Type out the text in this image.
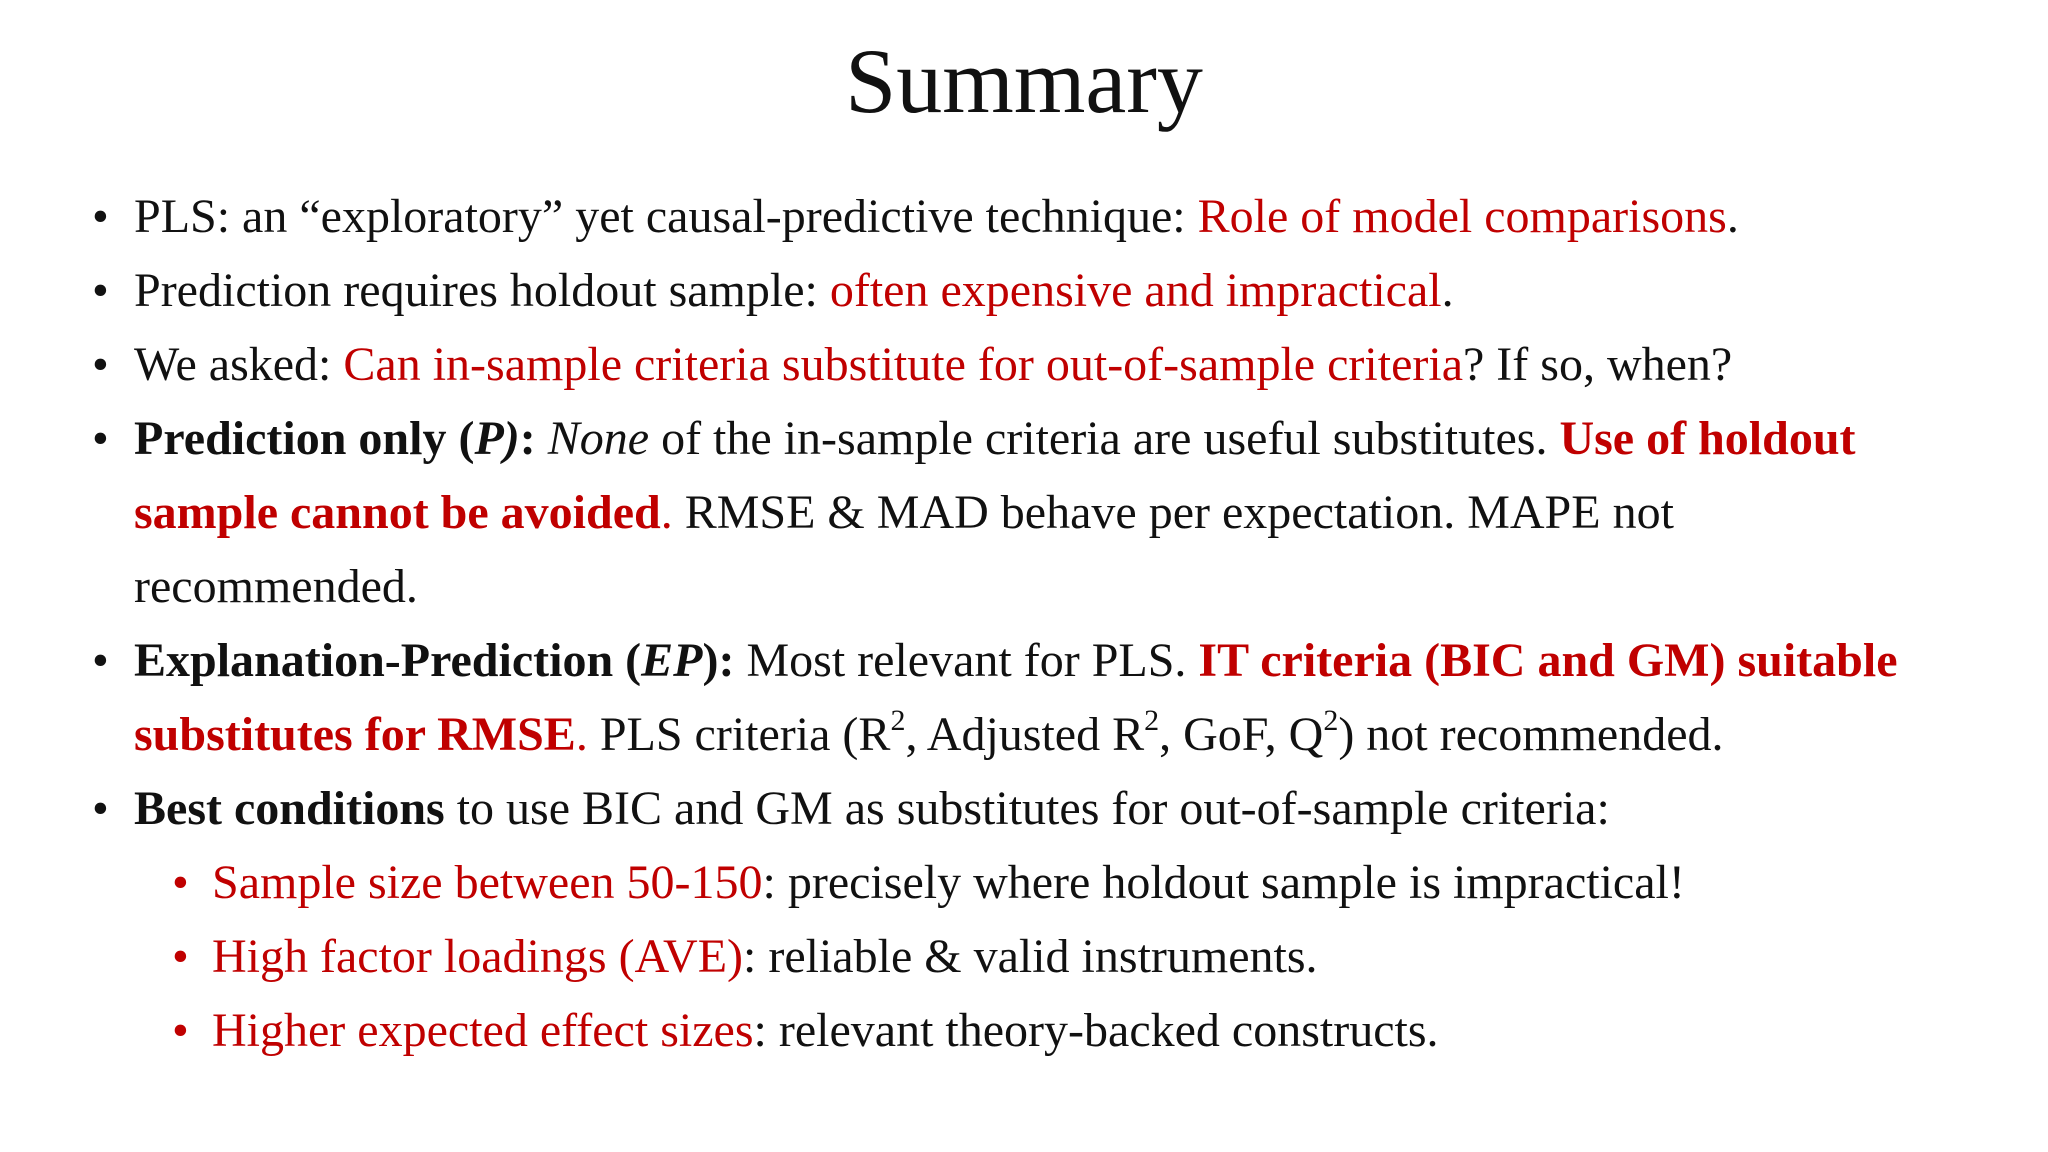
Summary
• PLS: an “exploratory” yet causal-predictive technique: Role of model comparisons.
• Prediction requires holdout sample: often expensive and impractical.
• We asked: Can in-sample criteria substitute for out-of-sample criteria? If so, when?
• Prediction only (P): None of the in-sample criteria are useful substitutes. Use of holdout sample cannot be avoided. RMSE & MAD behave per expectation. MAPE not recommended.
• Explanation-Prediction (EP): Most relevant for PLS. IT criteria (BIC and GM) suitable substitutes for RMSE. PLS criteria ($R^2$, Adjusted $R^2$, GoF, $Q^2$) not recommended.
• Best conditions to use BIC and GM as substitutes for out-of-sample criteria:
• Sample size between 50-150: precisely where holdout sample is impractical!
• High factor loadings (AVE): reliable & valid instruments.
• Higher expected effect sizes: relevant theory-backed constructs.
